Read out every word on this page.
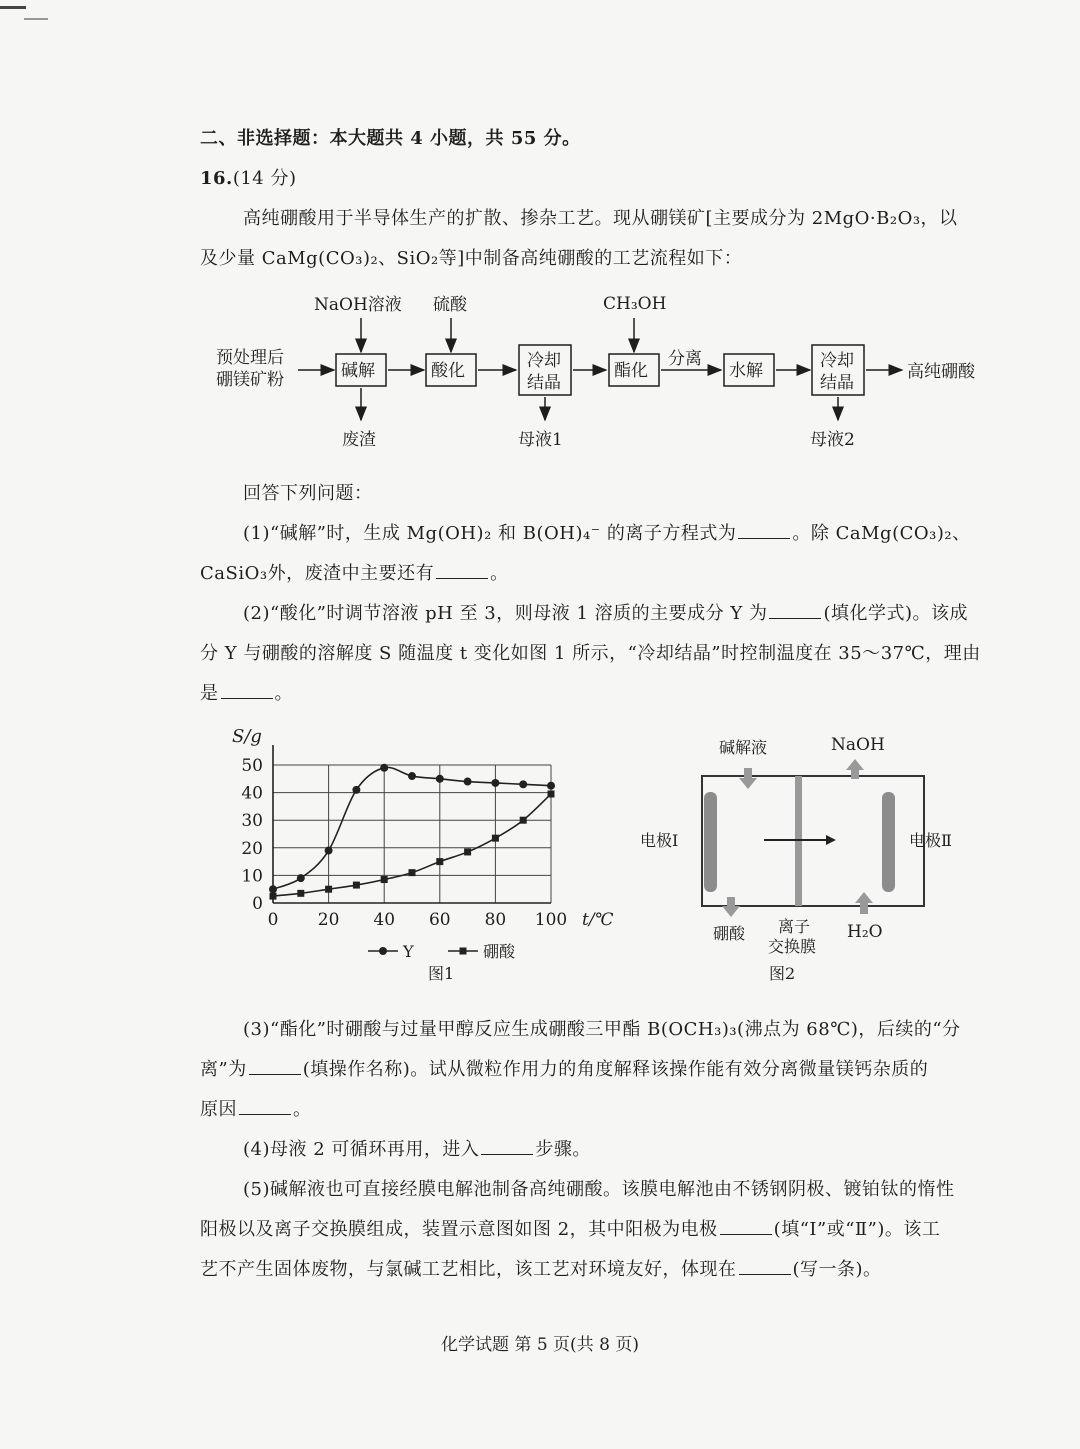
二、非选择题：本大题共 4 小题，共 55 分。
16.(14 分)
高纯硼酸用于半导体生产的扩散、掺杂工艺。现从硼镁矿[主要成分为 2MgO·B₂O₃，以
及少量 CaMg(CO₃)₂、SiO₂等]中制备高纯硼酸的工艺流程如下：
预处理后
硼镁矿粉	碱解
NaOH溶液
废渣
酸化
硫酸
冷却
结晶
母液1
酯化
CH₃OH
分离
水解	冷却
结晶
母液2
高纯硼酸
回答下列问题：
(1)“碱解”时，生成 Mg(OH)₂ 和 B(OH)₄⁻ 的离子方程式为	。除 CaMg(CO₃)₂、
CaSiO₃外，废渣中主要还有	。
(2)“酸化”时调节溶液 pH 至 3，则母液 1 溶质的主要成分 Y 为	(填化学式)。该成
分 Y 与硼酸的溶解度 S 随温度 t 变化如图 1 所示，“冷却结晶”时控制温度在 35～37℃，理由
是	。
0
10
20
30
40
50
0 20 40 60 80 100
S/g
t/℃
Y	硼酸
图1
碱解液	NaOH
电极Ⅰ	电极Ⅱ
硼酸 离子
交换膜
H₂O
图2
(3)“酯化”时硼酸与过量甲醇反应生成硼酸三甲酯 B(OCH₃)₃(沸点为 68℃)，后续的“分
离”为	(填操作名称)。试从微粒作用力的角度解释该操作能有效分离微量镁钙杂质的
原因	。
(4)母液 2 可循环再用，进入	步骤。
(5)碱解液也可直接经膜电解池制备高纯硼酸。该膜电解池由不锈钢阴极、镀铂钛的惰性
阳极以及离子交换膜组成，装置示意图如图 2，其中阳极为电极	(填“Ⅰ”或“Ⅱ”)。该工
艺不产生固体废物，与氯碱工艺相比，该工艺对环境友好，体现在	(写一条)。
化学试题 第 5 页(共 8 页)
